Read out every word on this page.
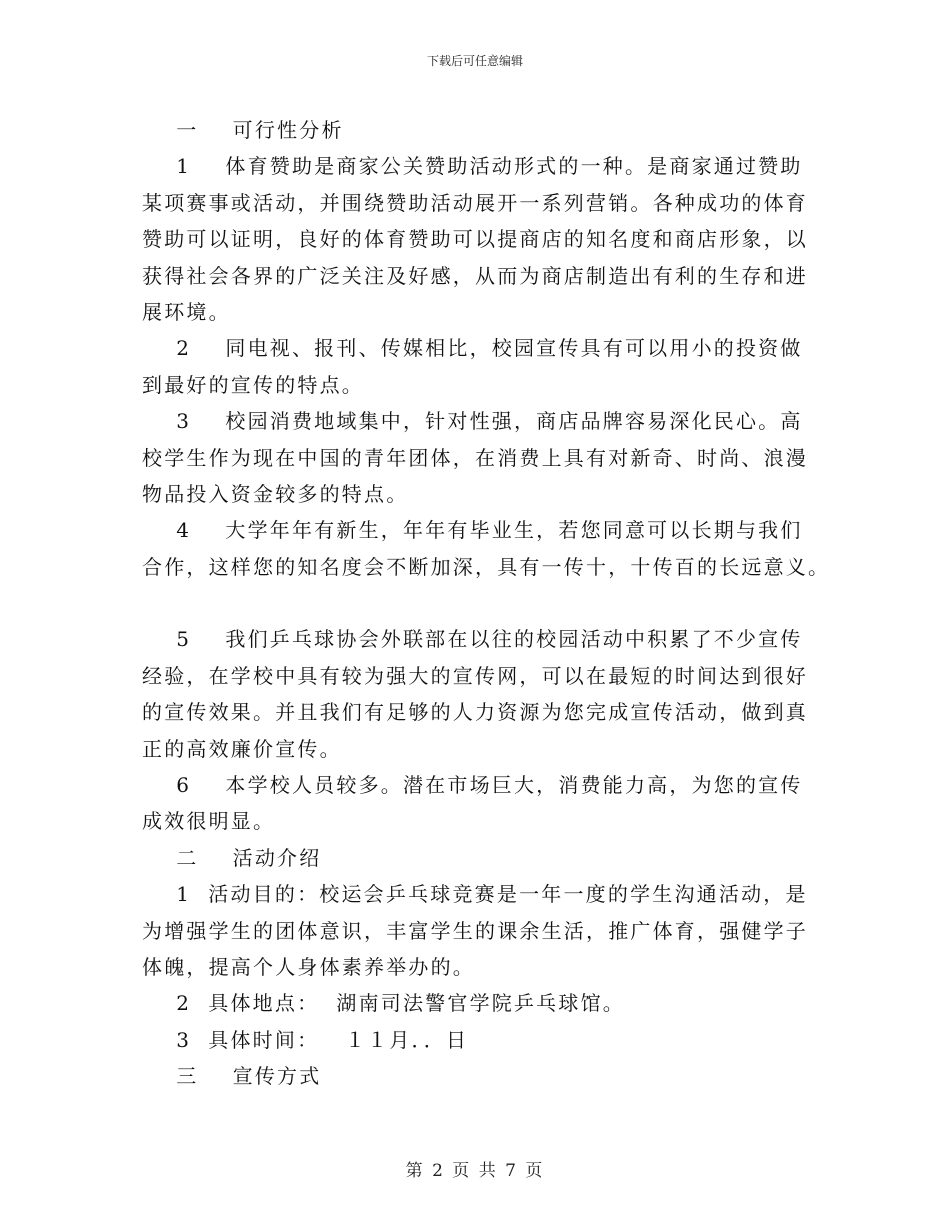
下载后可任意编辑
一    可行性分析
1    体育赞助是商家公关赞助活动形式的一种。是商家通过赞助
某项赛事或活动，并围绕赞助活动展开一系列营销。各种成功的体育
赞助可以证明，良好的体育赞助可以提商店的知名度和商店形象，以
获得社会各界的广泛关注及好感，从而为商店制造出有利的生存和进
展环境。
2    同电视、报刊、传媒相比，校园宣传具有可以用小的投资做
到最好的宣传的特点。
3    校园消费地域集中，针对性强，商店品牌容易深化民心。高
校学生作为现在中国的青年团体，在消费上具有对新奇、时尚、浪漫
物品投入资金较多的特点。
4    大学年年有新生，年年有毕业生，若您同意可以长期与我们
合作，这样您的知名度会不断加深，具有一传十，十传百的长远意义。
5    我们乒乓球协会外联部在以往的校园活动中积累了不少宣传
经验，在学校中具有较为强大的宣传网，可以在最短的时间达到很好
的宣传效果。并且我们有足够的人力资源为您完成宣传活动，做到真
正的高效廉价宣传。
6    本学校人员较多。潜在市场巨大，消费能力高，为您的宣传
成效很明显。
二    活动介绍
1  活动目的：校运会乒乓球竞赛是一年一度的学生沟通活动，是
为增强学生的团体意识，丰富学生的课余生活，推广体育，强健学子
体魄，提高个人身体素养举办的。
2  具体地点：  湖南司法警官学院乒乓球馆。
3  具体时间：   １１月．．日
三    宣传方式
第 2 页 共 7 页
